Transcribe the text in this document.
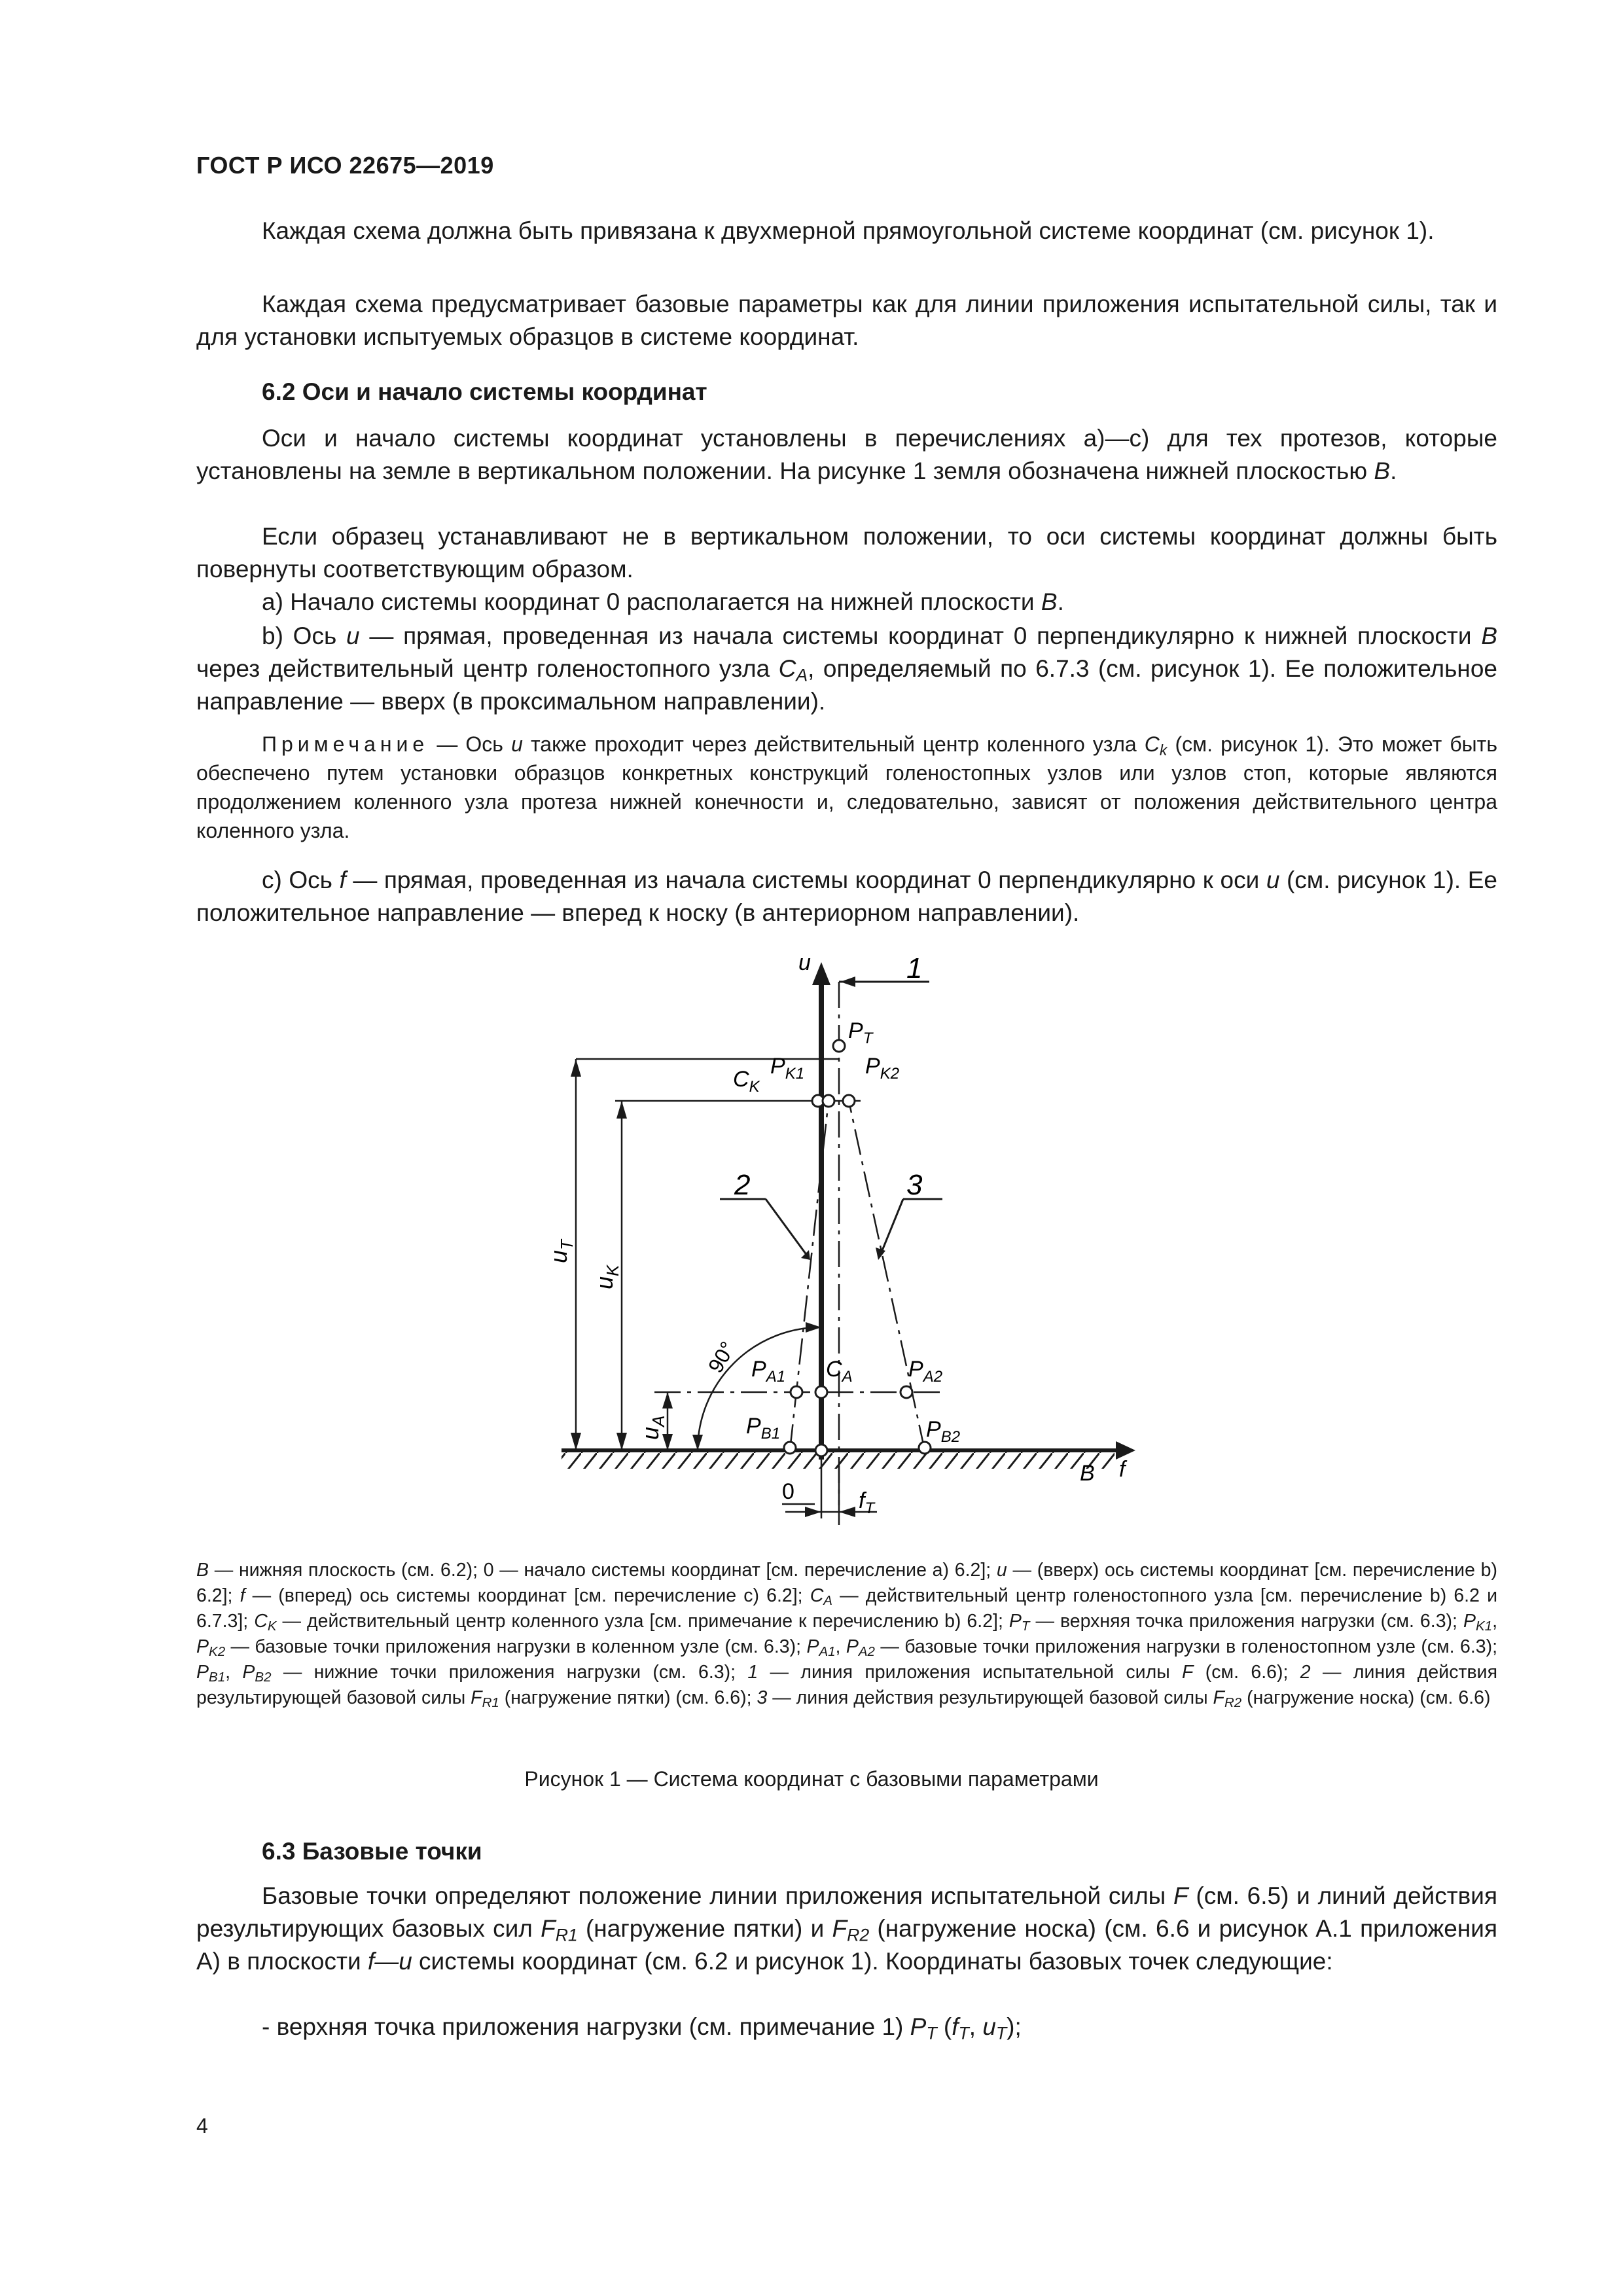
ГОСТ Р ИСО 22675—2019

Каждая схема должна быть привязана к двухмерной прямоугольной системе координат (см. рисунок 1).

Каждая схема предусматривает базовые параметры как для линии приложения испытательной силы, так и для установки испытуемых образцов в системе координат.

6.2 Оси и начало системы координат

Оси и начало системы координат установлены в перечислениях а)—с) для тех протезов, которые установлены на земле в вертикальном положении. На рисунке 1 земля обозначена нижней плоскостью B.

Если образец устанавливают не в вертикальном положении, то оси системы координат должны быть повернуты соответствующим образом.

a) Начало системы координат 0 располагается на нижней плоскости B.

b) Ось u — прямая, проведенная из начала системы координат 0 перпендикулярно к нижней плоскости B через действительный центр голеностопного узла $C_A$, определяемый по 6.7.3 (см. рисунок 1). Ее положительное направление — вверх (в проксимальном направлении).

Примечание — Ось u также проходит через действительный центр коленного узла $C_k$ (см. рисунок 1). Это может быть обеспечено путем установки образцов конкретных конструкций голеностопных узлов или узлов стоп, которые являются продолжением коленного узла протеза нижней конечности и, следовательно, зависят от положения действительного центра коленного узла.

c) Ось f — прямая, проведенная из начала системы координат 0 перпендикулярно к оси u (см. рисунок 1). Ее положительное направление — вперед к носку (в антериорном направлении).

u
f
B
0
$P_T$
$C_K$
$P_{K1}$	$P_{K2}$
$P_{A1}$ $C_A$	$P_{A2}$
$P_{B1}$	$P_{B2}$
$f_T$
$u_T$
$u_K$
$u_A$
90°
1
2	3

B — нижняя плоскость (см. 6.2); 0 — начало системы координат [см. перечисление а) 6.2]; u — (вверх) ось системы координат [см. перечисление b) 6.2]; f — (вперед) ось системы координат [см. перечисление с) 6.2]; $C_A$ — действительный центр голеностопного узла [см. перечисление b) 6.2 и 6.7.3]; $C_K$ — действительный центр коленного узла [см. примечание к перечислению b) 6.2]; $P_T$ — верхняя точка приложения нагрузки (см. 6.3); $P_{K1}$, $P_{K2}$ — базовые точки приложения нагрузки в коленном узле (см. 6.3); $P_{A1}$, $P_{A2}$ — базовые точки приложения нагрузки в голеностопном узле (см. 6.3); $P_{B1}$, $P_{B2}$ — нижние точки приложения нагрузки (см. 6.3); 1 — линия приложения испытательной силы F (см. 6.6); 2 — линия действия результирующей базовой силы $F_{R1}$ (нагружение пятки) (см. 6.6); 3 — линия действия результирующей базовой силы $F_{R2}$ (нагружение носка) (см. 6.6)

Рисунок 1 — Система координат с базовыми параметрами
6.3 Базовые точки

Базовые точки определяют положение линии приложения испытательной силы F (см. 6.5) и линий действия результирующих базовых сил $F_{R1}$ (нагружение пятки) и $F_{R2}$ (нагружение носка) (см. 6.6 и рисунок А.1 приложения А) в плоскости f—u системы координат (см. 6.2 и рисунок 1). Координаты базовых точек следующие:

- верхняя точка приложения нагрузки (см. примечание 1) $P_T$ ($f_T$, $u_T$);

4
